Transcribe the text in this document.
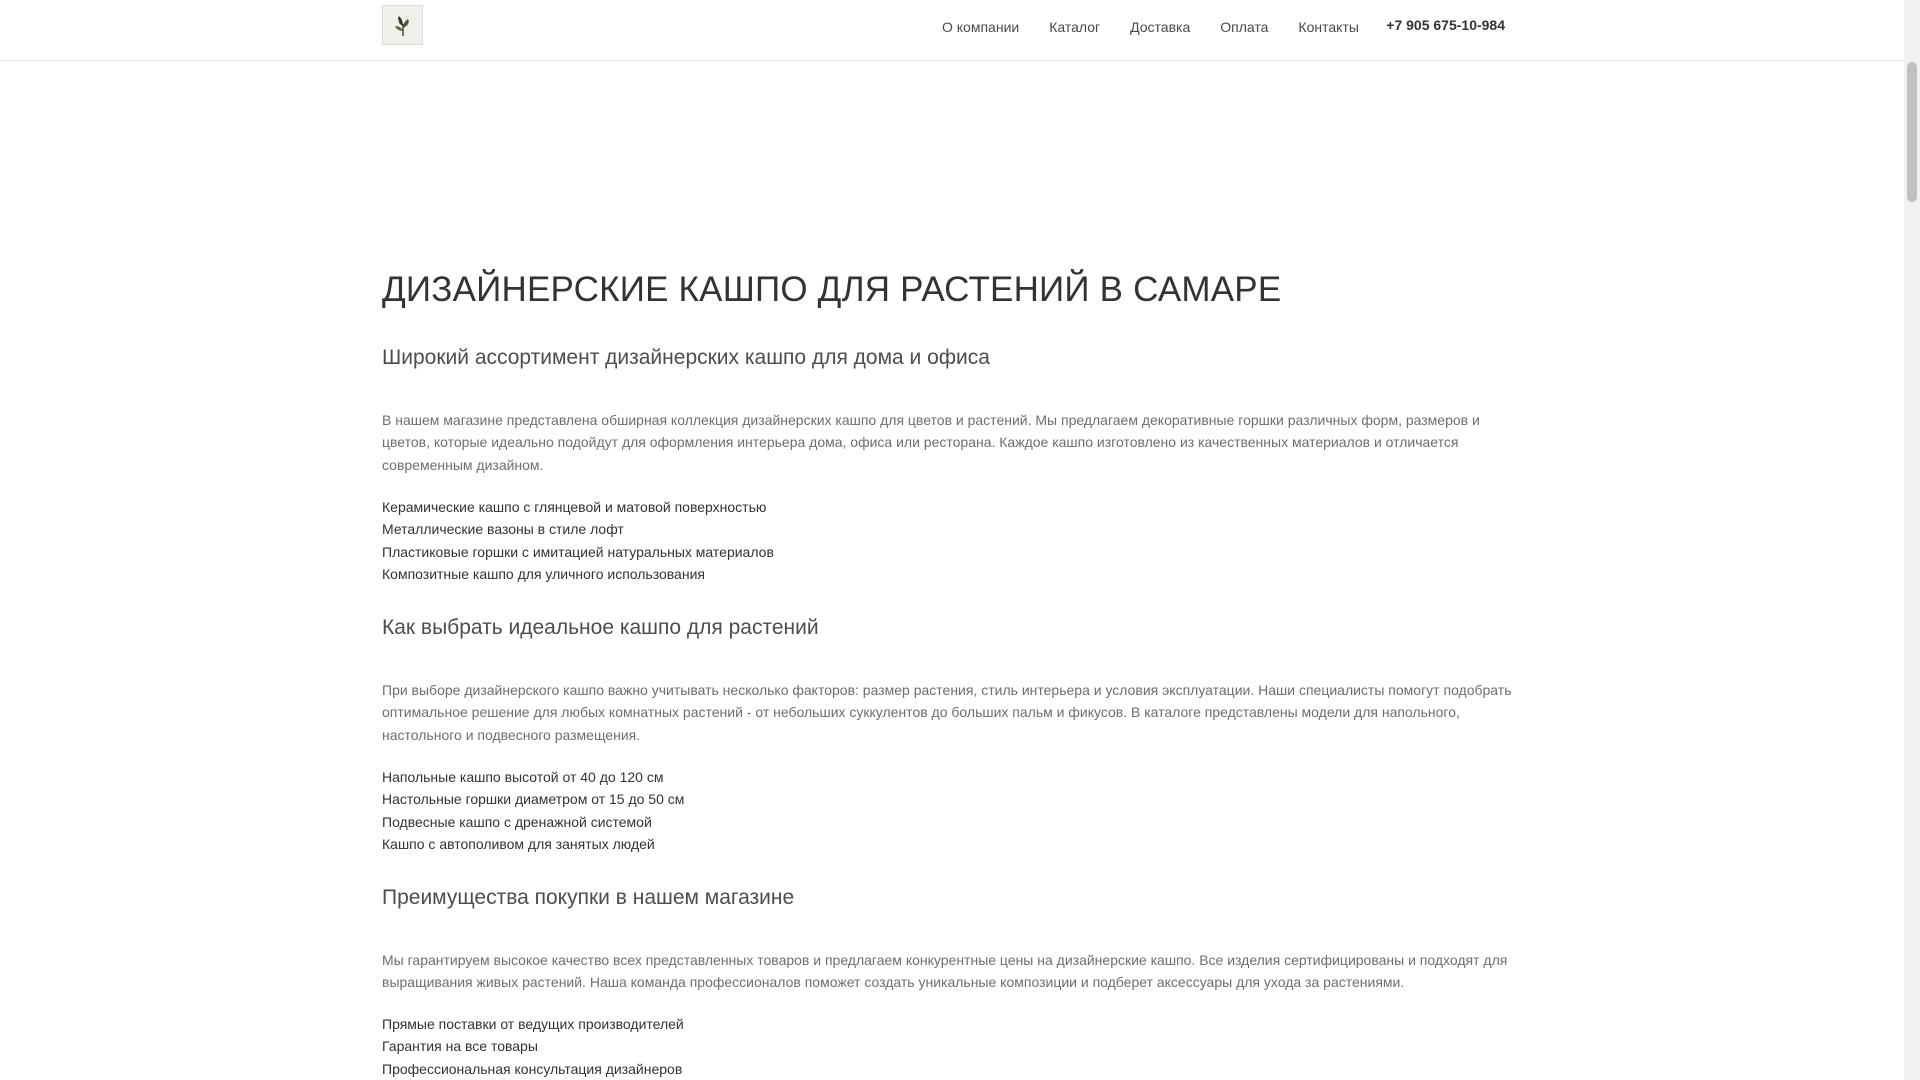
О компании Каталог Доставка Оплата Контакты +7 905 675-10-984
ДИЗАЙНЕРСКИЕ КАШПО ДЛЯ РАСТЕНИЙ В САМАРЕ
Широкий ассортимент дизайнерских кашпо для дома и офиса

В нашем магазине представлена обширная коллекция дизайнерских кашпо для цветов и растений. Мы предлагаем декоративные горшки различных форм, размеров и цветов, которые идеально подойдут для оформления интерьера дома, офиса или ресторана. Каждое кашпо изготовлено из качественных материалов и отличается современным дизайном.

Керамические кашпо с глянцевой и матовой поверхностью
Металлические вазоны в стиле лофт
Пластиковые горшки с имитацией натуральных материалов
Композитные кашпо для уличного использования
Как выбрать идеальное кашпо для растений

При выборе дизайнерского кашпо важно учитывать несколько факторов: размер растения, стиль интерьера и условия эксплуатации. Наши специалисты помогут подобрать оптимальное решение для любых комнатных растений - от небольших суккулентов до больших пальм и фикусов. В каталоге представлены модели для напольного, настольного и подвесного размещения.

Напольные кашпо высотой от 40 до 120 см
Настольные горшки диаметром от 15 до 50 см
Подвесные кашпо с дренажной системой
Кашпо с автополивом для занятых людей
Преимущества покупки в нашем магазине

Мы гарантируем высокое качество всех представленных товаров и предлагаем конкурентные цены на дизайнерские кашпо. Все изделия сертифицированы и подходят для выращивания живых растений. Наша команда профессионалов поможет создать уникальные композиции и подберет аксессуары для ухода за растениями.

Прямые поставки от ведущих производителей
Гарантия на все товары
Профессиональная консультация дизайнеров
